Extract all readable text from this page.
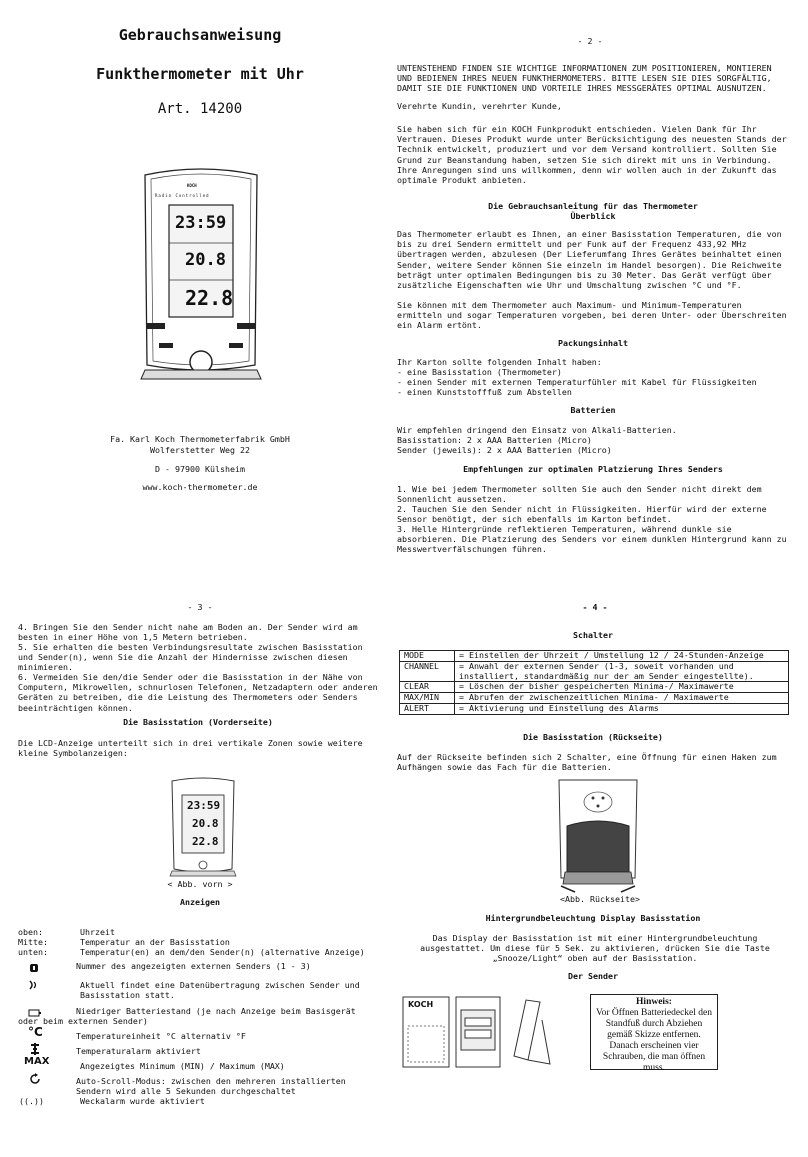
Gebrauchsanweisung
Funkthermometer mit Uhr
Art. 14200
KOCH
23:59
20.8
22.8
Radio Controlled
Fa. Karl Koch Thermometerfabrik GmbH
Wolferstetter Weg 22
D - 97900 Külsheim
www.koch-thermometer.de
- 2 -

UNTENSTEHEND FINDEN SIE WICHTIGE INFORMATIONEN ZUM POSITIONIEREN, MONTIEREN UND BEDIENEN IHRES NEUEN FUNKTHERMOMETERS. BITTE LESEN SIE DIES SORGFÄLTIG, DAMIT SIE DIE FUNKTIONEN UND VORTEILE IHRES MESSGERÄTES OPTIMAL AUSNUTZEN.

Verehrte Kundin, verehrter Kunde,

Sie haben sich für ein KOCH Funkprodukt entschieden. Vielen Dank für Ihr Vertrauen. Dieses Produkt wurde unter Berücksichtigung des neuesten Stands der Technik entwickelt, produziert und vor dem Versand kontrolliert. Sollten Sie Grund zur Beanstandung haben, setzen Sie sich direkt mit uns in Verbindung. Ihre Anregungen sind uns willkommen, denn wir wollen auch in der Zukunft das optimale Produkt anbieten.

Die Gebrauchsanleitung für das Thermometer
Überblick

Das Thermometer erlaubt es Ihnen, an einer Basisstation Temperaturen, die von bis zu drei Sendern ermittelt und per Funk auf der Frequenz 433,92 MHz übertragen werden, abzulesen (Der Lieferumfang Ihres Gerätes beinhaltet einen Sender, weitere Sender können Sie einzeln im Handel besorgen). Die Reichweite beträgt unter optimalen Bedingungen bis zu 30 Meter. Das Gerät verfügt über zusätzliche Eigenschaften wie Uhr und Umschaltung zwischen °C und °F.

Sie können mit dem Thermometer auch Maximum- und Minimum-Temperaturen ermitteln und sogar Temperaturen vorgeben, bei deren Unter- oder Überschreiten ein Alarm ertönt.

Packungsinhalt

Ihr Karton sollte folgenden Inhalt haben:

- eine Basisstation (Thermometer)

- einen Sender mit externen Temperaturfühler mit Kabel für Flüssigkeiten

- einen Kunststofffuß zum Abstellen

Batterien

Wir empfehlen dringend den Einsatz von Alkali-Batterien.

Basisstation: 2 x AAA Batterien (Micro)

Sender (jeweils): 2 x AAA Batterien (Micro)

Empfehlungen zur optimalen Platzierung Ihres Senders

1. Wie bei jedem Thermometer sollten Sie auch den Sender nicht direkt dem Sonnenlicht aussetzen.

2. Tauchen Sie den Sender nicht in Flüssigkeiten. Hierfür wird der externe Sensor benötigt, der sich ebenfalls im Karton befindet.

3. Helle Hintergründe reflektieren Temperaturen, während dunkle sie absorbieren. Die Platzierung des Senders vor einem dunklen Hintergrund kann zu Messwertverfälschungen führen.

- 3 -

4. Bringen Sie den Sender nicht nahe am Boden an. Der Sender wird am besten in einer Höhe von 1,5 Metern betrieben.

5. Sie erhalten die besten Verbindungsresultate zwischen Basisstation und Sender(n), wenn Sie die Anzahl der Hindernisse zwischen diesen minimieren.

6. Vermeiden Sie den/die Sender oder die Basisstation in der Nähe von Computern, Mikrowellen, schnurlosen Telefonen, Netzadaptern oder anderen Geräten zu betreiben, die die Leistung des Thermometers oder Senders beeinträchtigen können.

Die Basisstation (Vorderseite)

Die LCD-Anzeige unterteilt sich in drei vertikale Zonen sowie weitere kleine Symbolanzeigen:

23:59
20.8
22.8
< Abb. vorn >
Anzeigen
oben:	Uhrzeit
Mitte:	Temperatur an der Basisstation
unten:	Temperatur(en) an dem/den Sender(n) (alternative Anzeige)

Nummer des angezeigten externen Senders (1 - 3)

Aktuell findet eine Datenübertragung zwischen Sender und Basisstation statt.

Niedriger Batteriestand (je nach Anzeige beim Basisgerät oder beim externen Sender)

°C	Temperatureinheit °C alternativ °F

Temperaturalarm aktiviert

MAX	Angezeigtes Minimum (MIN) / Maximum (MAX)

Auto-Scroll-Modus: zwischen den mehreren installierten Sendern wird alle 5 Sekunden durchgeschaltet

((.))	Weckalarm wurde aktiviert

- 4 -
Schalter
MODE	= Einstellen der Uhrzeit / Umstellung 12 / 24-Stunden-Anzeige
CHANNEL	= Anwahl der externen Sender (1-3, soweit vorhanden und installiert, standardmäßig nur der am Sender eingestellte).
CLEAR	= Löschen der bisher gespeicherten Minima-/ Maximawerte
MAX/MIN	= Abrufen der zwischenzeitlichen Minima- / Maximawerte
ALERT	= Aktivierung und Einstellung des Alarms
Die Basisstation (Rückseite)

Auf der Rückseite befinden sich 2 Schalter, eine Öffnung für einen Haken zum Aufhängen sowie das Fach für die Batterien.

<Abb. Rückseite>
Hintergrundbeleuchtung Display Basisstation

Das Display der Basisstation ist mit einer Hintergrundbeleuchtung ausgestattet. Um diese für 5 Sek. zu aktivieren, drücken Sie die Taste „Snooze/Light“ oben auf der Basisstation.

Der Sender
KOCH	Hinweis:
Vor Öffnen Batteriedeckel den Standfuß durch Abziehen gemäß Skizze entfernen. Danach erscheinen vier Schrauben, die man öffnen muss.
